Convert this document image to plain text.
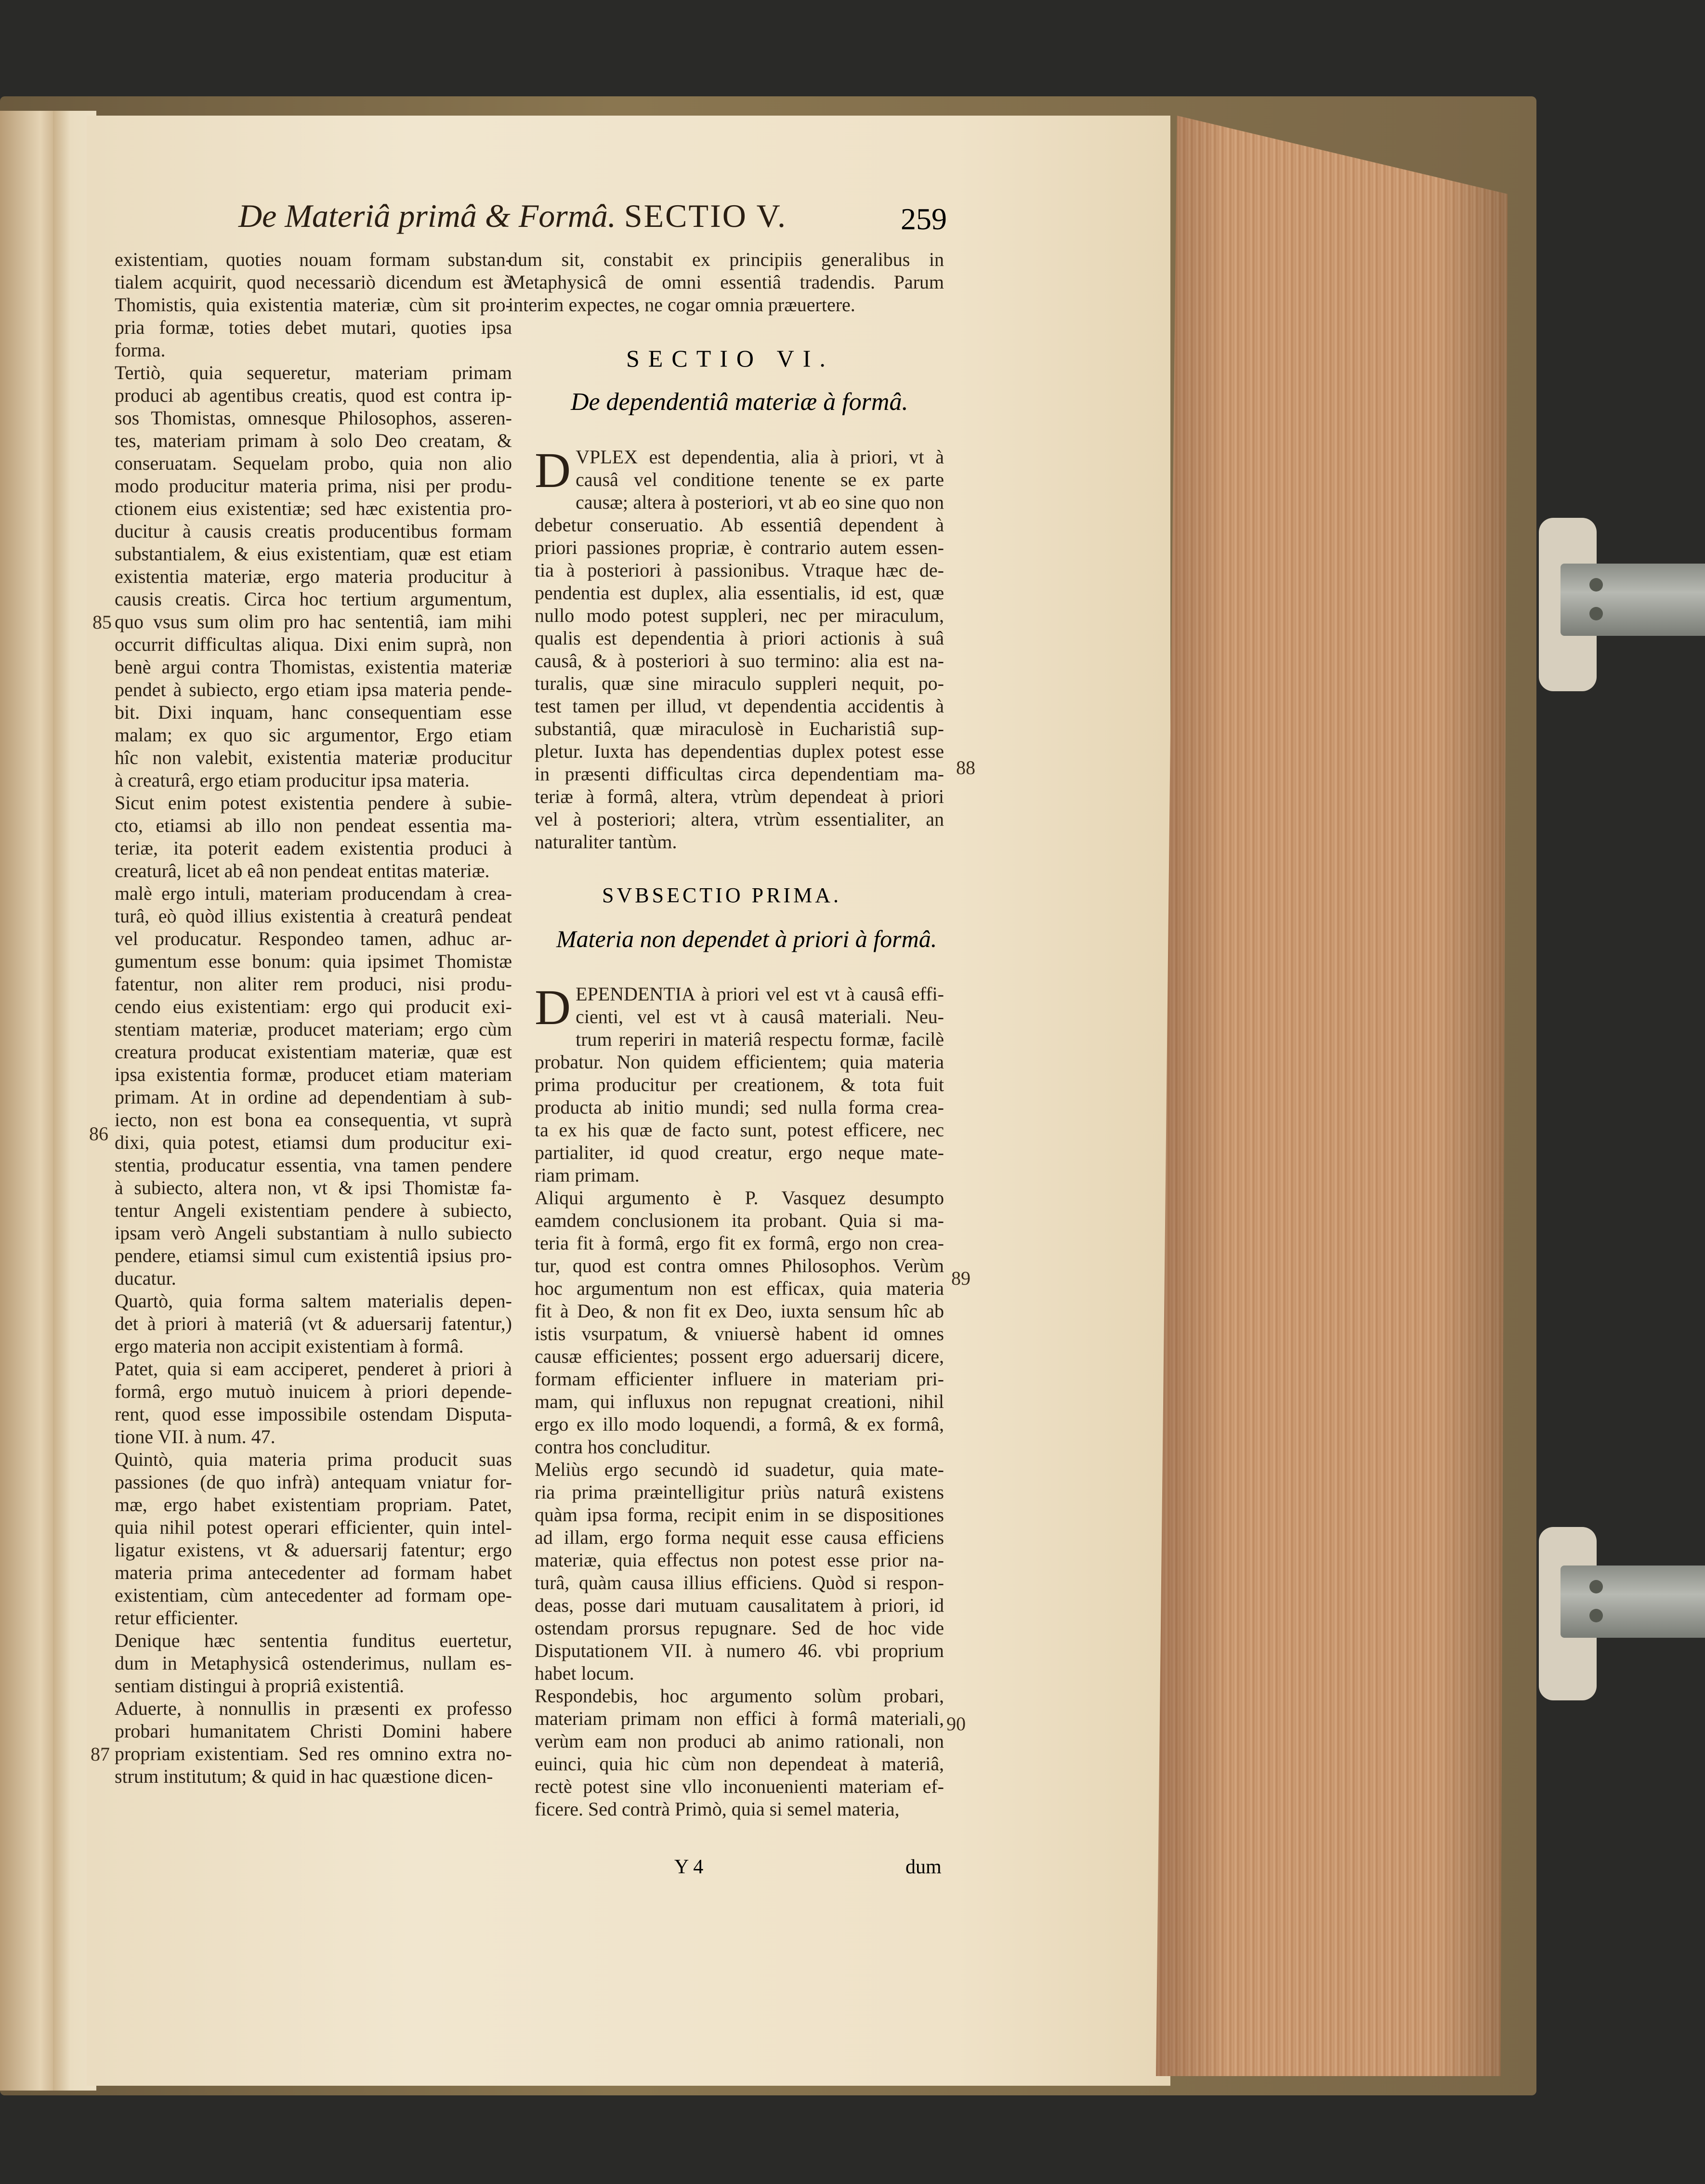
De Materiâ primâ & Formâ. SECTIO V.	259
existentiam, quoties nouam formam substan-
tialem acquirit, quod necessariò dicendum est à
Thomistis, quia existentia materiæ, cùm sit pro-
pria formæ, toties debet mutari, quoties ipsa
forma.
Tertiò, quia sequeretur, materiam primam
produci ab agentibus creatis, quod est contra ip-
sos Thomistas, omnesque Philosophos, asseren-
tes, materiam primam à solo Deo creatam, &
conseruatam. Sequelam probo, quia non alio
modo producitur materia prima, nisi per produ-
ctionem eius existentiæ; sed hæc existentia pro-
ducitur à causis creatis producentibus formam
substantialem, & eius existentiam, quæ est etiam
existentia materiæ, ergo materia producitur à
causis creatis. Circa hoc tertium argumentum,
quo vsus sum olim pro hac sententiâ, iam mihi
occurrit difficultas aliqua. Dixi enim suprà, non
benè argui contra Thomistas, existentia materiæ
pendet à subiecto, ergo etiam ipsa materia pende-
bit. Dixi inquam, hanc consequentiam esse
malam; ex quo sic argumentor, Ergo etiam
hîc non valebit, existentia materiæ producitur
à creaturâ, ergo etiam producitur ipsa materia.
Sicut enim potest existentia pendere à subie-
cto, etiamsi ab illo non pendeat essentia ma-
teriæ, ita poterit eadem existentia produci à
creaturâ, licet ab eâ non pendeat entitas materiæ.
malè ergo intuli, materiam producendam à crea-
turâ, eò quòd illius existentia à creaturâ pendeat
vel producatur. Respondeo tamen, adhuc ar-
gumentum esse bonum: quia ipsimet Thomistæ
fatentur, non aliter rem produci, nisi produ-
cendo eius existentiam: ergo qui producit exi-
stentiam materiæ, producet materiam; ergo cùm
creatura producat existentiam materiæ, quæ est
ipsa existentia formæ, producet etiam materiam
primam. At in ordine ad dependentiam à sub-
iecto, non est bona ea consequentia, vt suprà
dixi, quia potest, etiamsi dum producitur exi-
stentia, producatur essentia, vna tamen pendere
à subiecto, altera non, vt & ipsi Thomistæ fa-
tentur Angeli existentiam pendere à subiecto,
ipsam verò Angeli substantiam à nullo subiecto
pendere, etiamsi simul cum existentiâ ipsius pro-
ducatur.
Quartò, quia forma saltem materialis depen-
det à priori à materiâ (vt & aduersarij fatentur,)
ergo materia non accipit existentiam à formâ.
Patet, quia si eam acciperet, penderet à priori à
formâ, ergo mutuò inuicem à priori depende-
rent, quod esse impossibile ostendam Disputa-
tione VII. à num. 47.
Quintò, quia materia prima producit suas
passiones (de quo infrà) antequam vniatur for-
mæ, ergo habet existentiam propriam. Patet,
quia nihil potest operari efficienter, quin intel-
ligatur existens, vt & aduersarij fatentur; ergo
materia prima antecedenter ad formam habet
existentiam, cùm antecedenter ad formam ope-
retur efficienter.
Denique hæc sententia funditus euertetur,
dum in Metaphysicâ ostenderimus, nullam es-
sentiam distingui à propriâ existentiâ.
Aduerte, à nonnullis in præsenti ex professo
probari humanitatem Christi Domini habere
propriam existentiam. Sed res omnino extra no-
strum institutum; & quid in hac quæstione dicen-
dum sit, constabit ex principiis generalibus in
Metaphysicâ de omni essentiâ tradendis. Parum
interim expectes, ne cogar omnia præuertere.
SECTIO VI.
De dependentiâ materiæ à formâ.
D VPLEX est dependentia, alia à priori, vt à
causâ vel conditione tenente se ex parte
causæ; altera à posteriori, vt ab eo sine quo non
debetur conseruatio. Ab essentiâ dependent à
priori passiones propriæ, è contrario autem essen-
tia à posteriori à passionibus. Vtraque hæc de-
pendentia est duplex, alia essentialis, id est, quæ
nullo modo potest suppleri, nec per miraculum,
qualis est dependentia à priori actionis à suâ
causâ, & à posteriori à suo termino: alia est na-
turalis, quæ sine miraculo suppleri nequit, po-
test tamen per illud, vt dependentia accidentis à
substantiâ, quæ miraculosè in Eucharistiâ sup-
pletur. Iuxta has dependentias duplex potest esse
in præsenti difficultas circa dependentiam ma-
teriæ à formâ, altera, vtrùm dependeat à priori
vel à posteriori; altera, vtrùm essentialiter, an
naturaliter tantùm.
SVBSECTIO PRIMA.
Materia non dependet à priori à formâ.
D EPENDENTIA à priori vel est vt à causâ effi-
cienti, vel est vt à causâ materiali. Neu-
trum reperiri in materiâ respectu formæ, facilè
probatur. Non quidem efficientem; quia materia
prima producitur per creationem, & tota fuit
producta ab initio mundi; sed nulla forma crea-
ta ex his quæ de facto sunt, potest efficere, nec
partialiter, id quod creatur, ergo neque mate-
riam primam.
Aliqui argumento è P. Vasquez desumpto
eamdem conclusionem ita probant. Quia si ma-
teria fit à formâ, ergo fit ex formâ, ergo non crea-
tur, quod est contra omnes Philosophos. Verùm
hoc argumentum non est efficax, quia materia
fit à Deo, & non fit ex Deo, iuxta sensum hîc ab
istis vsurpatum, & vniuersè habent id omnes
causæ efficientes; possent ergo aduersarij dicere,
formam efficienter influere in materiam pri-
mam, qui influxus non repugnat creationi, nihil
ergo ex illo modo loquendi, a formâ, & ex formâ,
contra hos concluditur.
Meliùs ergo secundò id suadetur, quia mate-
ria prima præintelligitur priùs naturâ existens
quàm ipsa forma, recipit enim in se dispositiones
ad illam, ergo forma nequit esse causa efficiens
materiæ, quia effectus non potest esse prior na-
turâ, quàm causa illius efficiens. Quòd si respon-
deas, posse dari mutuam causalitatem à priori, id
ostendam prorsus repugnare. Sed de hoc vide
Disputationem VII. à numero 46. vbi proprium
habet locum.
Respondebis, hoc argumento solùm probari,
materiam primam non effici à formâ materiali,
verùm eam non produci ab animo rationali, non
euinci, quia hic cùm non dependeat à materiâ,
rectè potest sine vllo inconuenienti materiam ef-
ficere. Sed contrà Primò, quia si semel materia,
85
86
87
88
89
90
Y 4	dum
